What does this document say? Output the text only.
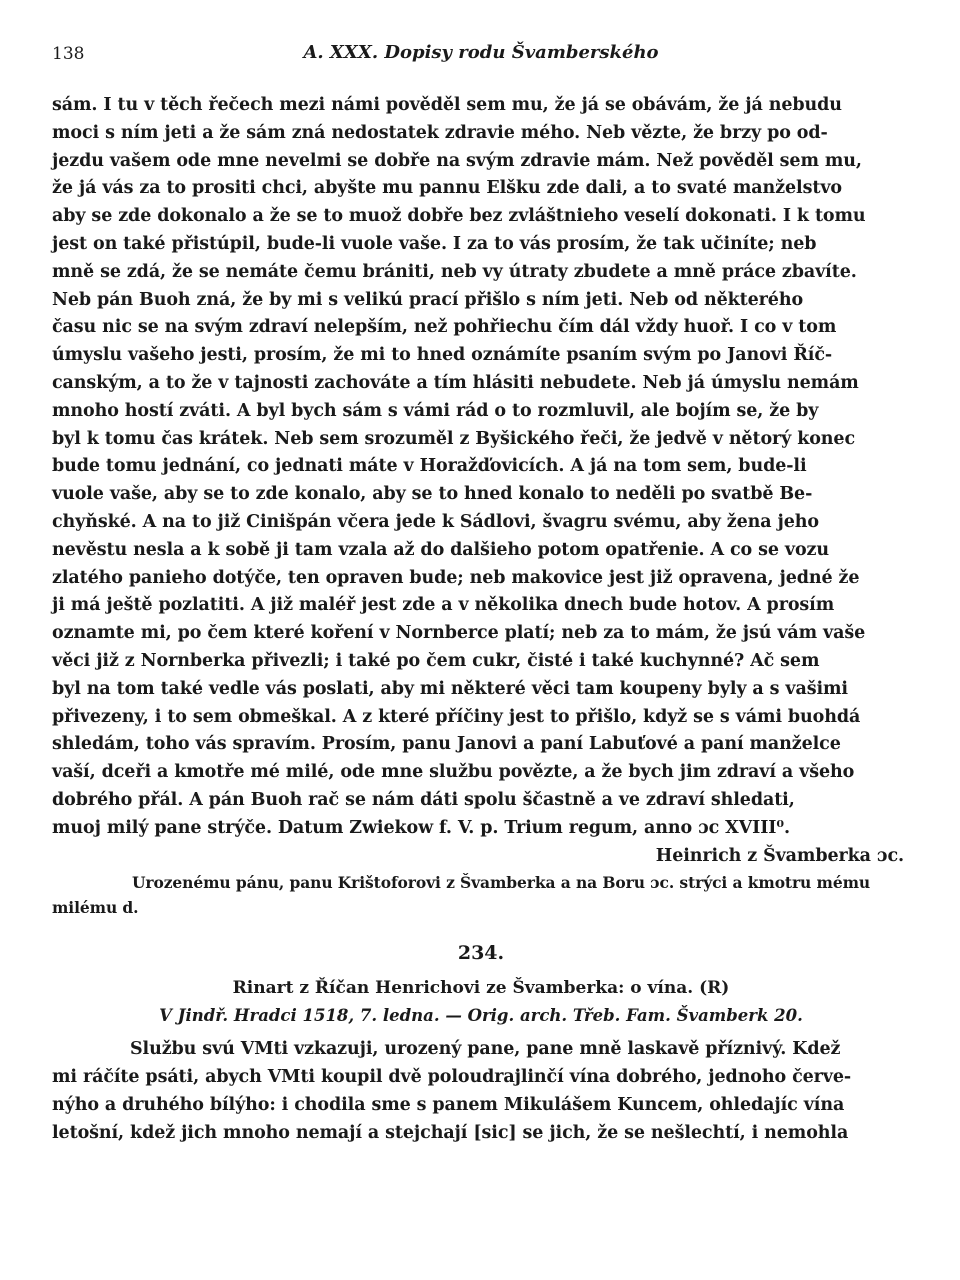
138	A. XXX. Dopisy rodu Švamberského
sám. I tu v těch řečech mezi námi pověděl sem mu, že já se obávám, že já nebudu
moci s ním jeti a že sám zná nedostatek zdravie mého. Neb vězte, že brzy po od-
jezdu vašem ode mne nevelmi se dobře na svým zdravie mám. Než pověděl sem mu,
že já vás za to prositi chci, abyšte mu pannu Elšku zde dali, a to svaté manželstvo
aby se zde dokonalo a že se to muož dobře bez zvláštnieho veselí dokonati. I k tomu
jest on také přistúpil, bude-li vuole vaše. I za to vás prosím, že tak učiníte; neb
mně se zdá, že se nemáte čemu brániti, neb vy útraty zbudete a mně práce zbavíte.
Neb pán Buoh zná, že by mi s velikú prací přišlo s ním jeti. Neb od některého
času nic se na svým zdraví nelepším, než pohřiechu čím dál vždy huoř. I co v tom
úmyslu vašeho jesti, prosím, že mi to hned oznámíte psaním svým po Janovi Říč-
canským, a to že v tajnosti zachováte a tím hlásiti nebudete. Neb já úmyslu nemám
mnoho hostí zváti. A byl bych sám s vámi rád o to rozmluvil, ale bojím se, že by
byl k tomu čas krátek. Neb sem srozuměl z Byšického řeči, že jedvě v nětorý konec
bude tomu jednání, co jednati máte v Horažďovicích. A já na tom sem, bude-li
vuole vaše, aby se to zde konalo, aby se to hned konalo to neděli po svatbě Be-
chyňské. A na to již Cinišpán včera jede k Sádlovi, švagru svému, aby žena jeho
nevěstu nesla a k sobě ji tam vzala až do dalšieho potom opatřenie. A co se vozu
zlatého panieho dotýče, ten opraven bude; neb makovice jest již opravena, jedné že
ji má ještě pozlatiti. A již maléř jest zde a v několika dnech bude hotov. A prosím
oznamte mi, po čem které koření v Nornberce platí; neb za to mám, že jsú vám vaše
věci již z Nornberka přivezli; i také po čem cukr, čisté i také kuchynné? Ač sem
byl na tom také vedle vás poslati, aby mi některé věci tam koupeny byly a s vašimi
přivezeny, i to sem obmeškal. A z které příčiny jest to přišlo, když se s vámi buohdá
shledám, toho vás spravím. Prosím, panu Janovi a paní Labuťové a paní manželce
vaší, dceři a kmotře mé milé, ode mne službu povězte, a že bych jim zdraví a všeho
dobrého přál. A pán Buoh rač se nám dáti spolu ščastně a ve zdraví shledati,
muoj milý pane strýče. Datum Zwiekow f. V. p. Trium regum, anno ɔc XVIII⁰.
Heinrich z Švamberka ɔc.
Urozenému pánu, panu Krištoforovi z Švamberka a na Boru ɔc. strýci a kmotru mému
milému d.
234.
Rinart z Říčan Henrichovi ze Švamberka: o vína. (R)
V Jindř. Hradci 1518, 7. ledna. — Orig. arch. Třeb. Fam. Švamberk 20.
Službu svú VMti vzkazuji, urozený pane, pane mně laskavě příznivý. Kdež
mi ráčíte psáti, abych VMti koupil dvě poloudrajlinčí vína dobrého, jednoho červe-
nýho a druhého bílýho: i chodila sme s panem Mikulášem Kuncem, ohledajíc vína
letošní, kdež jich mnoho nemají a stejchají [sic] se jich, že se nešlechtí, i nemohla
